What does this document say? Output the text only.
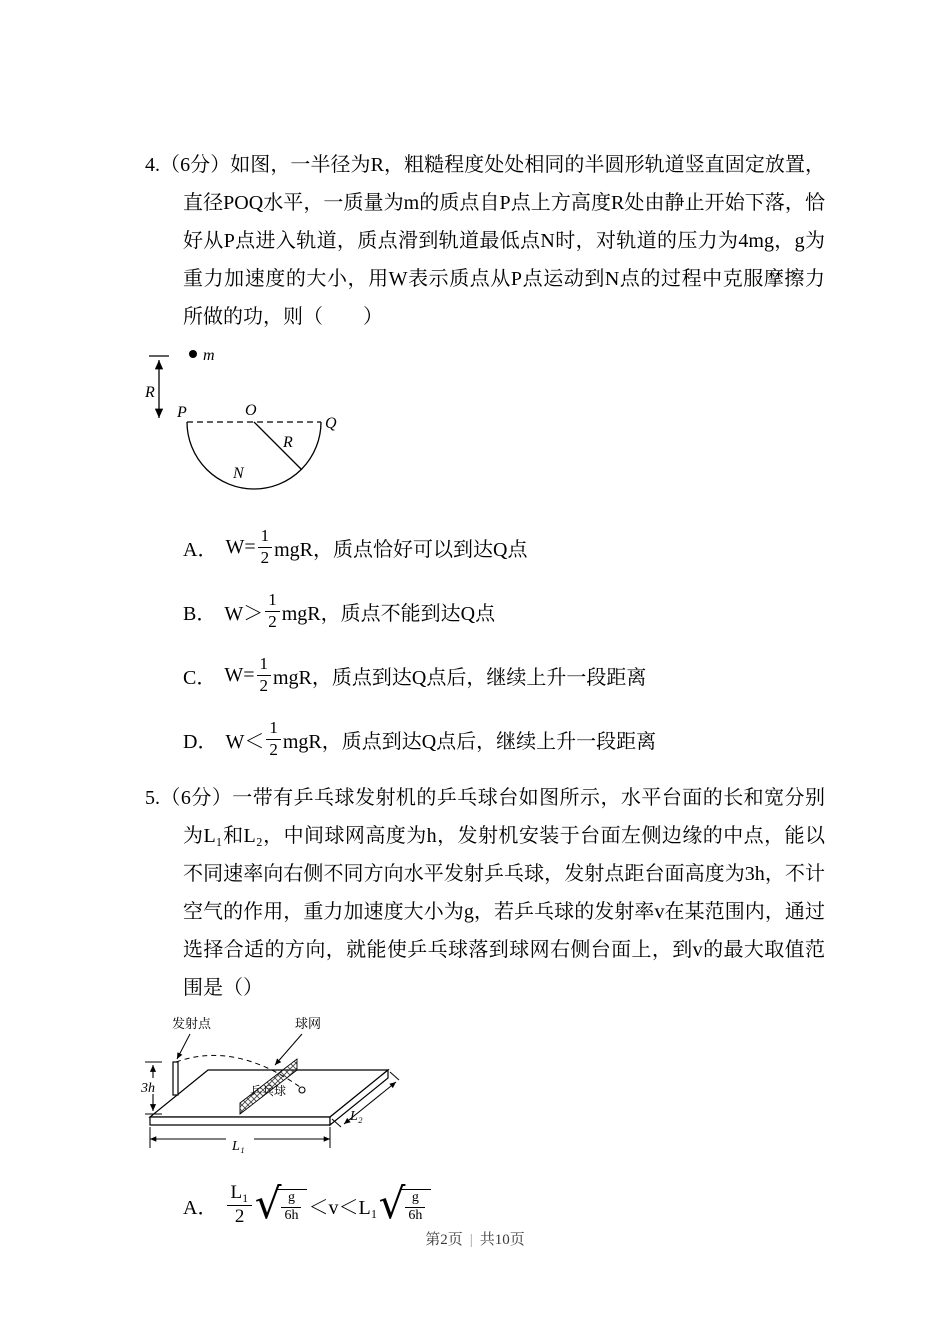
4.（6分）如图，一半径为R，粗糙程度处处相同的半圆形轨道竖直固定放置，直径POQ水平，一质量为m的质点自P点上方高度R处由静止开始下落，恰好从P点进入轨道，质点滑到轨道最低点N时，对轨道的压力为4mg，g为重力加速度的大小，用W表示质点从P点运动到N点的过程中克服摩擦力所做的功，则（　　）

m
R
P	O
Q
R
N
A． $W= \frac{1}{2}$ mgR，质点恰好可以到达Q点
B． $W> \frac{1}{2}$ mgR，质点不能到达Q点
C． $W= \frac{1}{2}$ mgR，质点到达Q点后，继续上升一段距离
D． $W< \frac{1}{2}$ mgR，质点到达Q点后，继续上升一段距离

5.（6分）一带有乒乓球发射机的乒乓球台如图所示，水平台面的长和宽分别为L₁和L₂，中间球网高度为h，发射机安装于台面左侧边缘的中点，能以不同速率向右侧不同方向水平发射乒乓球，发射点距台面高度为3h，不计空气的作用，重力加速度大小为g，若乒乓球的发射率v在某范围内，通过选择合适的方向，就能使乒乓球落到球网右侧台面上，到v的最大取值范围是（）

发射点	球网
乒乓球
3h
L₁
L₂
A． $\frac{\text{L₁}}{2}$ √ $\frac{g}{6h} <v<L_1$ √ $\frac{g}{6h}$
第2页 | 共10页
